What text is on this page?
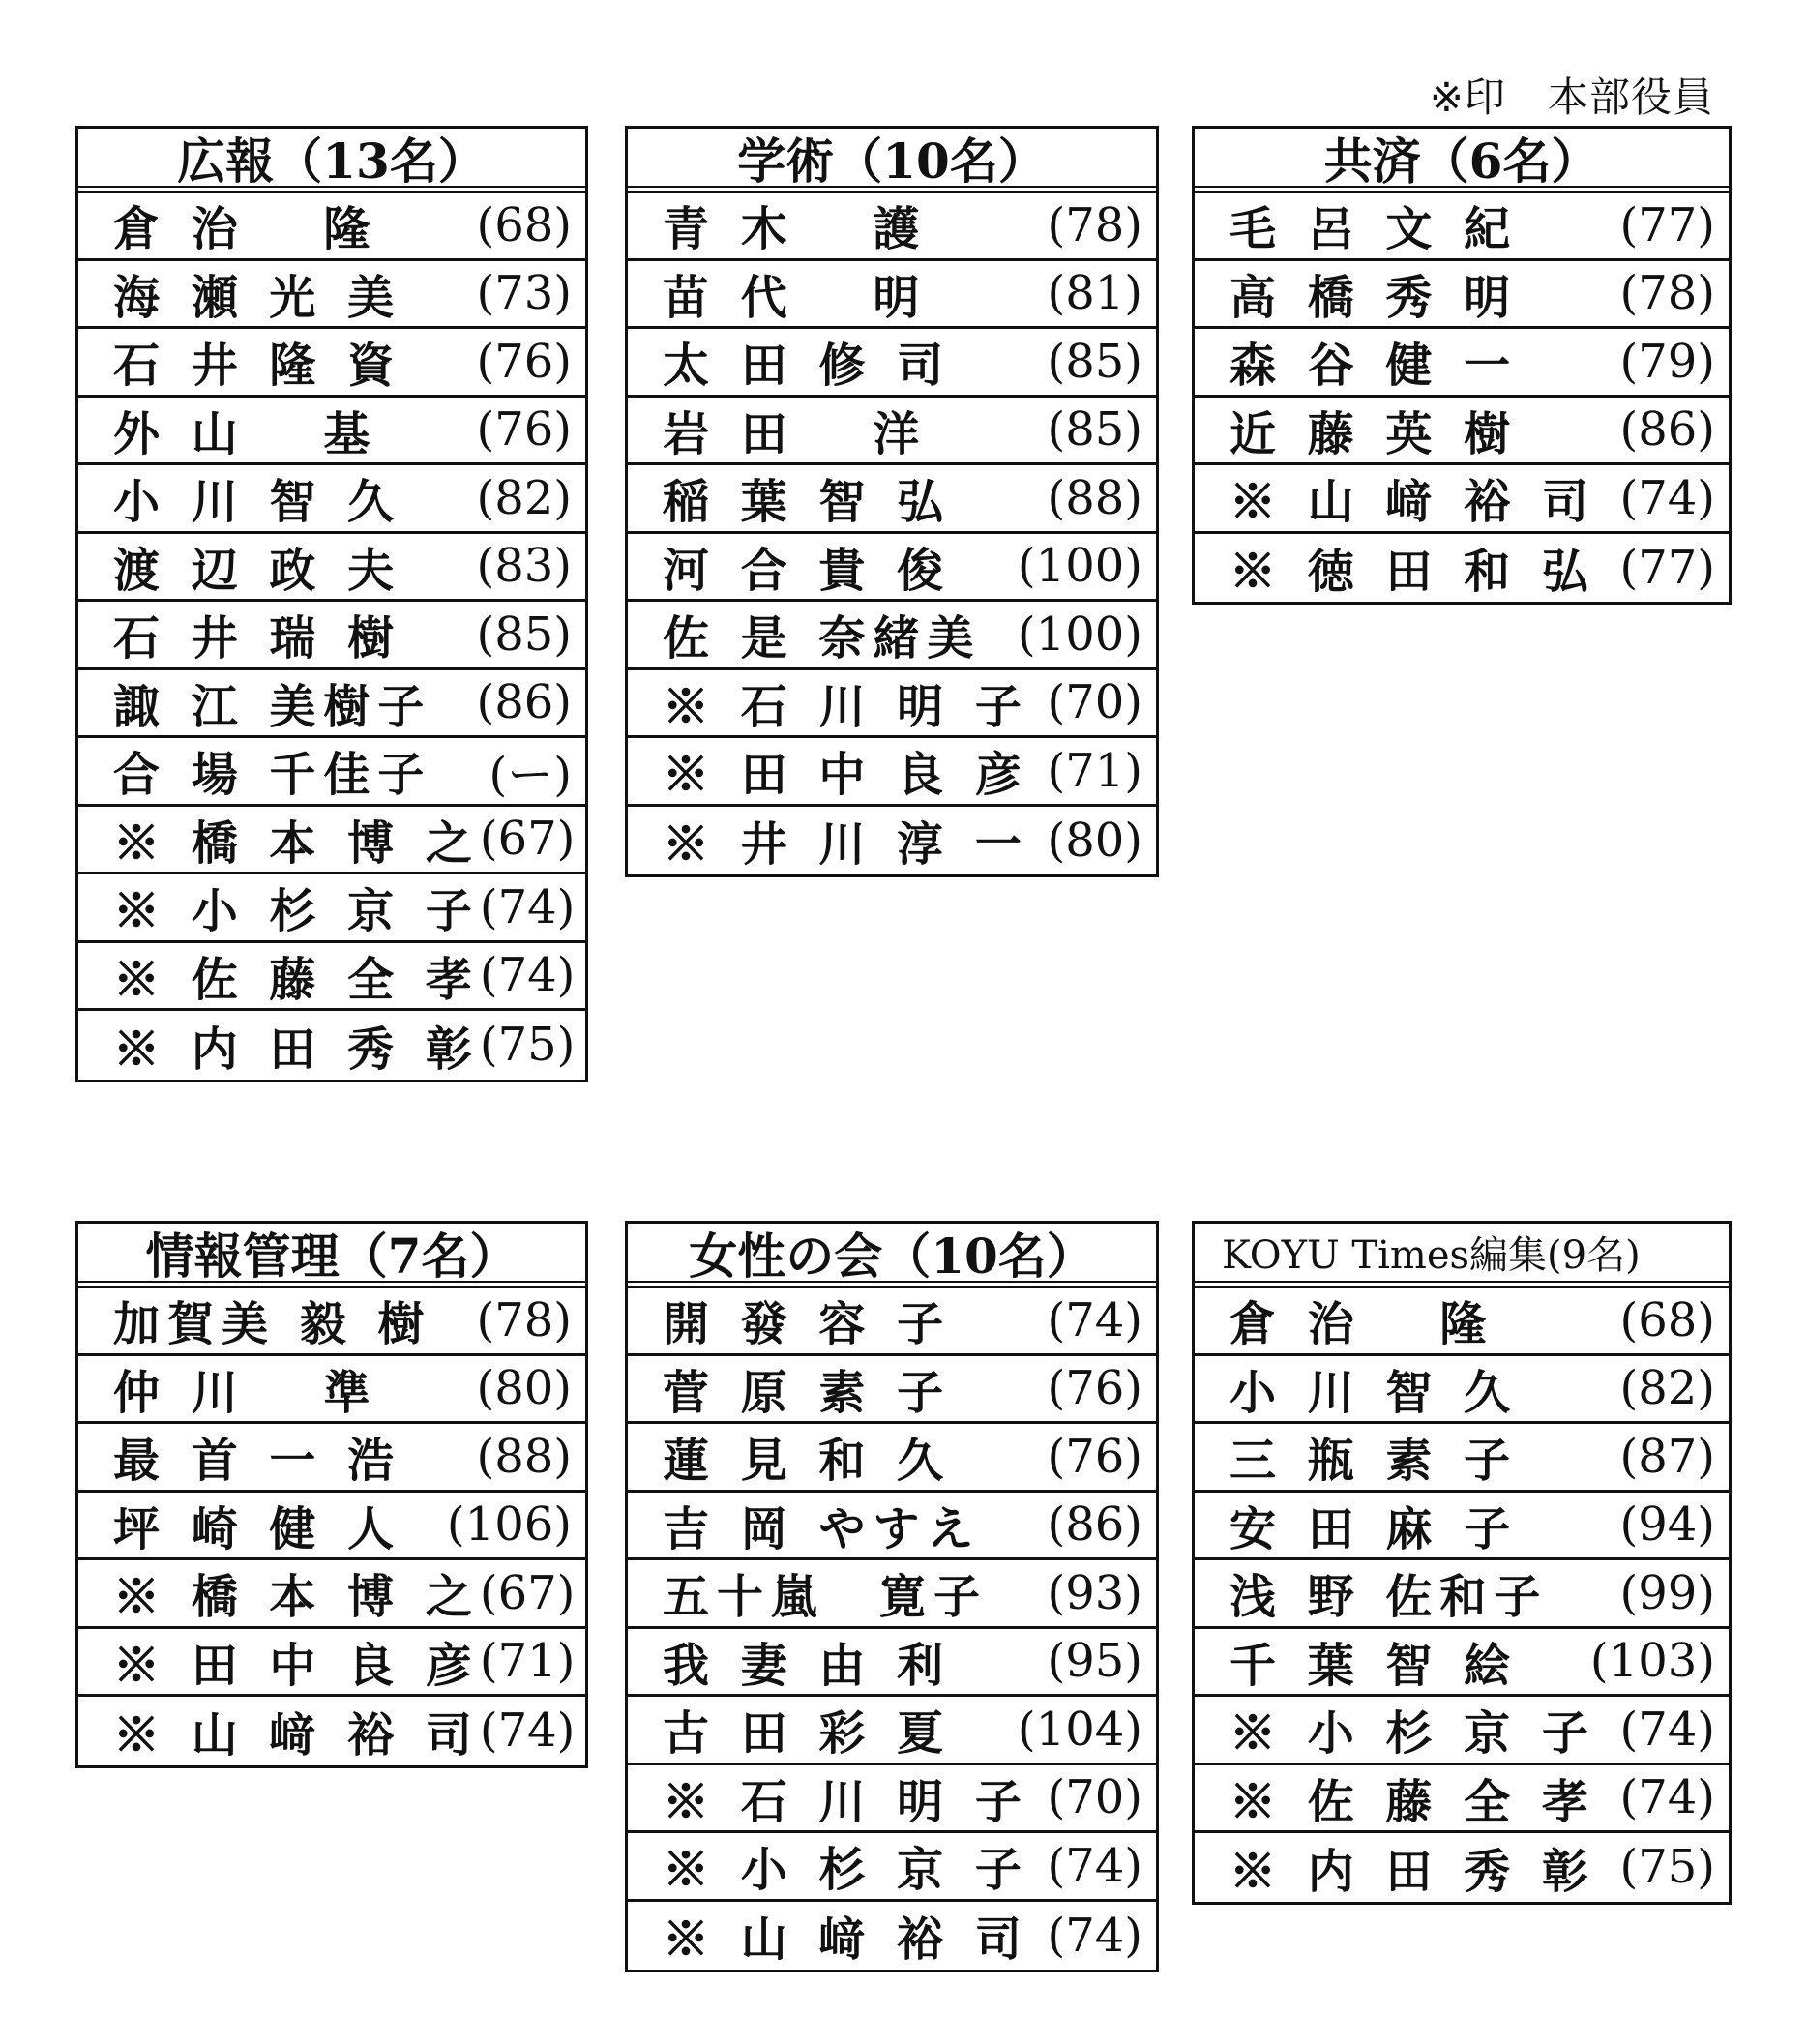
※印　本部役員
広報（13名）
倉 治　 隆 (68)
海 瀬 光 美 (73)
石 井 隆 資 (76)
外 山　 基 (76)
小 川 智 久 (82)
渡 辺 政 夫 (83)
石 井 瑞 樹 (85)
諏 江 美樹子 (86)
合 場 千佳子 (ー)
※ 橋 本 博 之 (67)
※ 小 杉 京 子 (74)
※ 佐 藤 全 孝 (74)
※ 内 田 秀 彰 (75)
学術（10名）
青 木　 護	(78)
苗 代　 明	(81)
太 田 修 司 (85)
岩 田　 洋	(85)
稲 葉 智 弘 (88)
河 合 貴 俊 (100)
佐 是 奈緒美 (100)
※ 石 川 明 子 (70)
※ 田 中 良 彦 (71)
※ 井 川 淳 一 (80)
共済（6名）
毛 呂 文 紀 (77)
高 橋 秀 明 (78)
森 谷 健 一 (79)
近 藤 英 樹 (86)
※ 山 﨑 裕 司 (74)
※ 徳 田 和 弘 (77)
情報管理（7名）
加賀美 毅 樹 (78)
仲 川　 準 (80)
最 首 一 浩 (88)
坪 崎 健 人 (106)
※ 橋 本 博 之 (67)
※ 田 中 良 彦 (71)
※ 山 﨑 裕 司 (74)
女性の会（10名）
開 發 容 子 (74)
菅 原 素 子 (76)
蓮 見 和 久 (76)
吉 岡 やすえ (86)
五十嵐　寛子 (93)
我 妻 由 利 (95)
古 田 彩 夏 (104)
※ 石 川 明 子 (70)
※ 小 杉 京 子 (74)
※ 山 﨑 裕 司 (74)
KOYU Times編集(9名)
倉 治　 隆	(68)
小 川 智 久 (82)
三 瓶 素 子 (87)
安 田 麻 子 (94)
浅 野 佐和子 (99)
千 葉 智 絵 (103)
※ 小 杉 京 子 (74)
※ 佐 藤 全 孝 (74)
※ 内 田 秀 彰 (75)
